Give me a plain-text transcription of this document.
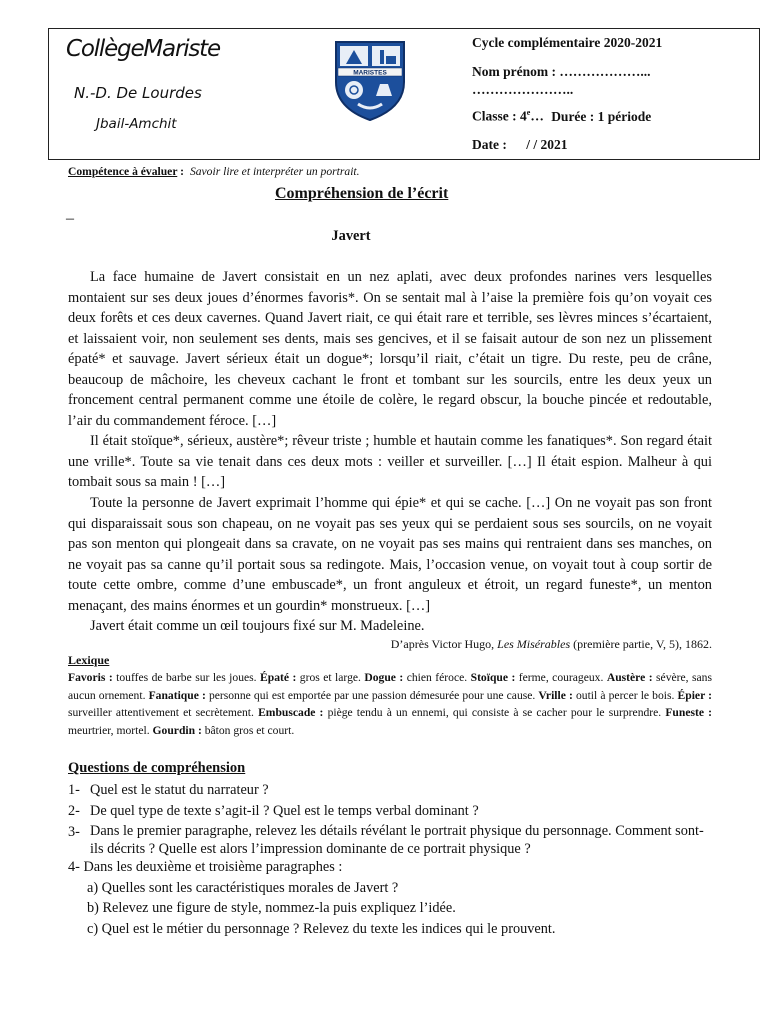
CollègeMariste
N.-D. De Lourdes
Jbail-Amchit
MARISTES
Cycle complémentaire 2020-2021
Nom prénom : ………………...
…………………..
Classe : 4e… Durée : 1 période
Date : / / 2021
Compétence à évaluer : Savoir lire et interpréter un portrait.
Compréhension de l’écrit
–
Javert
La face humaine de Javert consistait en un nez aplati, avec deux profondes narines vers lesquelles montaient sur ses deux joues d’énormes favoris*. On se sentait mal à l’aise la première fois qu’on voyait ces deux forêts et ces deux cavernes. Quand Javert riait, ce qui était rare et terrible, ses lèvres minces s’écartaient, et laissaient voir, non seulement ses dents, mais ses gencives, et il se faisait autour de son nez un plissement épaté* et sauvage. Javert sérieux était un dogue*; lorsqu’il riait, c’était un tigre. Du reste, peu de crâne, beaucoup de mâchoire, les cheveux cachant le front et tombant sur les sourcils, entre les deux yeux un froncement central permanent comme une étoile de colère, le regard obscur, la bouche pincée et redoutable, l’air du commandement féroce. […]
Il était stoïque*, sérieux, austère*; rêveur triste ; humble et hautain comme les fanatiques*. Son regard était une vrille*. Toute sa vie tenait dans ces deux mots : veiller et surveiller. […] Il était espion. Malheur à qui tombait sous sa main ! […]
Toute la personne de Javert exprimait l’homme qui épie* et qui se cache. […] On ne voyait pas son front qui disparaissait sous son chapeau, on ne voyait pas ses yeux qui se perdaient sous ses sourcils, on ne voyait pas son menton qui plongeait dans sa cravate, on ne voyait pas ses mains qui rentraient dans ses manches, on ne voyait pas sa canne qu’il portait sous sa redingote. Mais, l’occasion venue, on voyait tout à coup sortir de toute cette ombre, comme d’une embuscade*, un front anguleux et étroit, un regard funeste*, un menton menaçant, des mains énormes et un gourdin* monstrueux. […]
Javert était comme un œil toujours fixé sur M. Madeleine.
D’après Victor Hugo, Les Misérables (première partie, V, 5), 1862.
Lexique
Favoris : touffes de barbe sur les joues. Épaté : gros et large. Dogue : chien féroce. Stoïque : ferme, courageux. Austère : sévère, sans aucun ornement. Fanatique : personne qui est emportée par une passion démesurée pour une cause. Vrille : outil à percer le bois. Épier : surveiller attentivement et secrètement. Embuscade : piège tendu à un ennemi, qui consiste à se cacher pour le surprendre. Funeste : meurtrier, mortel. Gourdin : bâton gros et court.
Questions de compréhension
1- Quel est le statut du narrateur ?
2- De quel type de texte s’agit-il ? Quel est le temps verbal dominant ?
3- Dans le premier paragraphe, relevez les détails révélant le portrait physique du personnage. Comment sont-ils décrits ? Quelle est alors l’impression dominante de ce portrait physique ?
4- Dans les deuxième et troisième paragraphes :
a) Quelles sont les caractéristiques morales de Javert ?
b) Relevez une figure de style, nommez-la puis expliquez l’idée.
c) Quel est le métier du personnage ? Relevez du texte les indices qui le prouvent.
